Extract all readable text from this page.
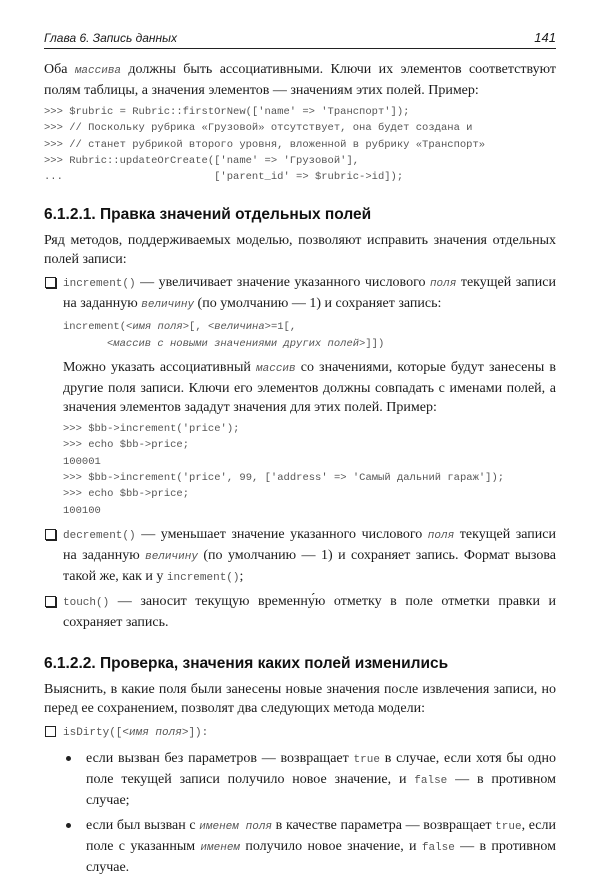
Глава 6. Запись данных	141

Оба массива должны быть ассоциативными. Ключи их элементов соответствуют полям таблицы, а значения элементов — значениям этих полей. Пример:

>>> $rubric = Rubric::firstOrNew(['name' => 'Транспорт']);
>>> // Поскольку рубрика «Грузовой» отсутствует, она будет создана и
>>> // станет рубрикой второго уровня, вложенной в рубрику «Транспорт»
>>> Rubric::updateOrCreate(['name' => 'Грузовой'],
...                        ['parent_id' => $rubric->id]);
6.1.2.1. Правка значений отдельных полей

Ряд методов, поддерживаемых моделью, позволяют исправить значения отдельных полей записи:

increment() — увеличивает значение указанного числового поля текущей записи на заданную величину (по умолчанию — 1) и сохраняет запись:

increment(<имя поля>[, <величина>=1[,
<массив с новыми значениями других полей>]])

Можно указать ассоциативный массив со значениями, которые будут занесены в другие поля записи. Ключи его элементов должны совпадать с именами полей, а значения элементов зададут значения для этих полей. Пример:

>>> $bb->increment('price');
>>> echo $bb->price;
100001
>>> $bb->increment('price', 99, ['address' => 'Самый дальний гараж']);
>>> echo $bb->price;
100100

decrement() — уменьшает значение указанного числового поля текущей записи на заданную величину (по умолчанию — 1) и сохраняет запись. Формат вызова такой же, как и у increment();

touch() — заносит текущую временну́ю отметку в поле отметки правки и сохраняет запись.

6.1.2.2. Проверка, значения каких полей изменились

Выяснить, в какие поля были занесены новые значения после извлечения записи, но перед ее сохранением, позволят два следующих метода модели:

isDirty([<имя поля>]):

если вызван без параметров — возвращает true в случае, если хотя бы одно поле текущей записи получило новое значение, и false — в противном случае;

если был вызван с именем поля в качестве параметра — возвращает true, если поле с указанным именем получило новое значение, и false — в противном случае.
